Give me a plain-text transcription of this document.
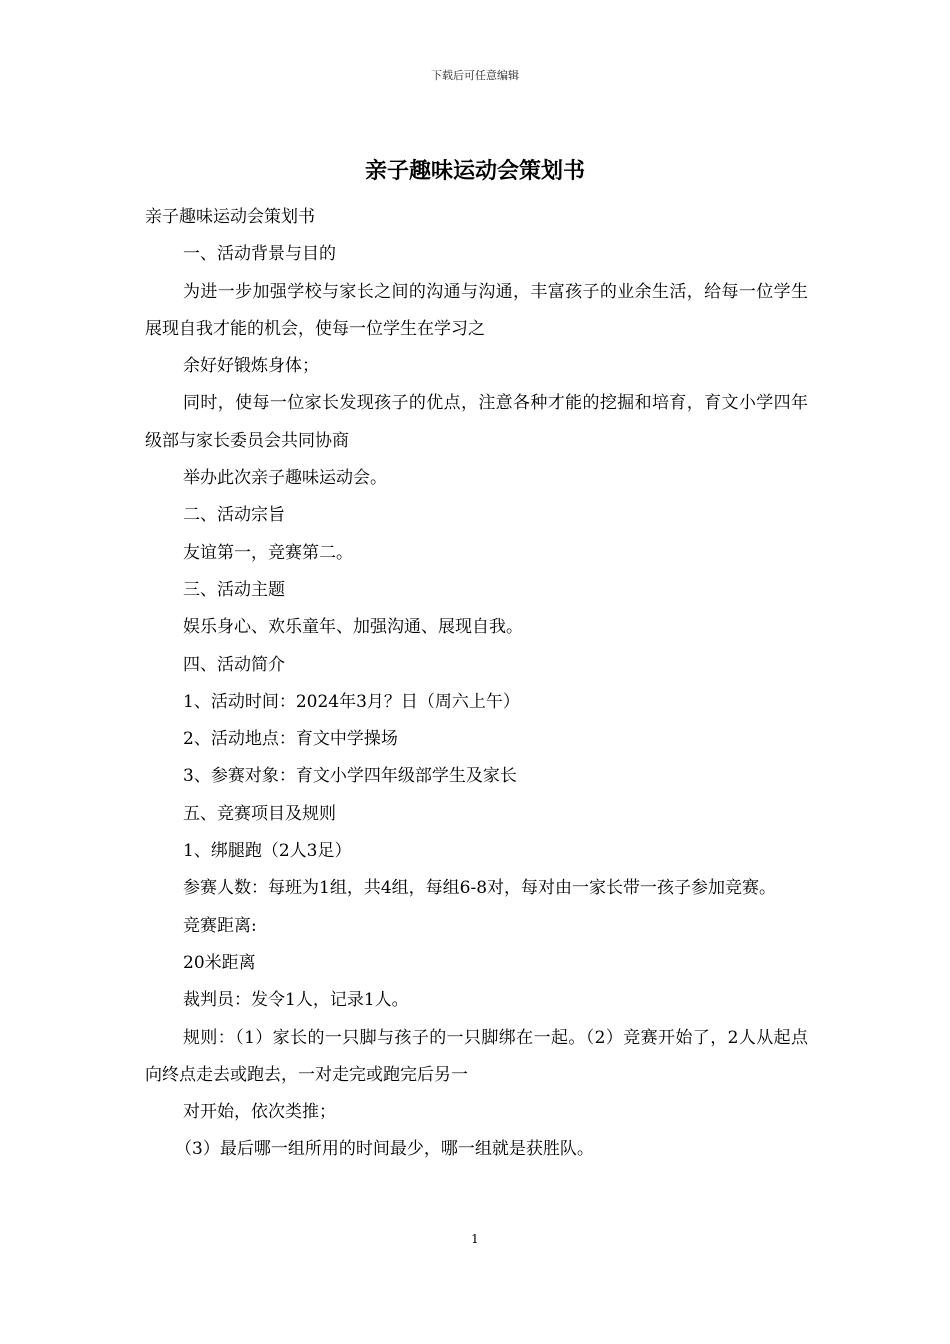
下载后可任意编辑
亲子趣味运动会策划书

亲子趣味运动会策划书

一、活动背景与目的

为进一步加强学校与家长之间的沟通与沟通，丰富孩子的业余生活，给每一位学生展现自我才能的机会，使每一位学生在学习之

余好好锻炼身体；

同时，使每一位家长发现孩子的优点，注意各种才能的挖掘和培育，育文小学四年级部与家长委员会共同协商

举办此次亲子趣味运动会。

二、活动宗旨

友谊第一，竞赛第二。

三、活动主题

娱乐身心、欢乐童年、加强沟通、展现自我。

四、活动简介

1、活动时间：2024年3月？日（周六上午）

2、活动地点：育文中学操场

3、参赛对象：育文小学四年级部学生及家长

五、竞赛项目及规则

1、绑腿跑（2人3足）

参赛人数：每班为1组，共4组，每组6-8对，每对由一家长带一孩子参加竞赛。

竞赛距离:

20米距离

裁判员：发令1人，记录1人。

规则：（1）家长的一只脚与孩子的一只脚绑在一起。（2）竞赛开始了，2人从起点向终点走去或跑去，一对走完或跑完后另一

对开始，依次类推；

（3）最后哪一组所用的时间最少，哪一组就是获胜队。

1
